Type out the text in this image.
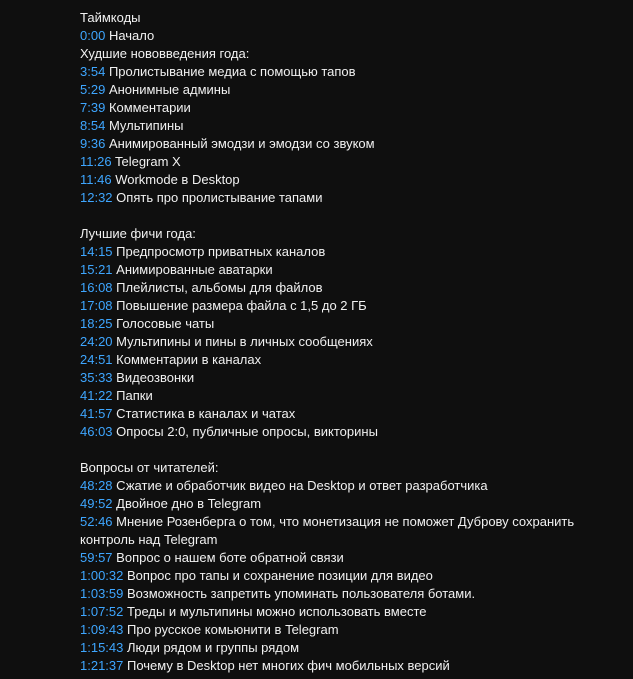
Таймкоды
0:00 Начало
Худшие нововведения года:
3:54 Пролистывание медиа с помощью тапов
5:29 Анонимные админы
7:39 Комментарии
8:54 Мультипины
9:36 Анимированный эмодзи и эмодзи со звуком
11:26 Telegram X
11:46 Workmode в Desktop
12:32 Опять про пролистывание тапами
Лучшие фичи года:
14:15 Предпросмотр приватных каналов
15:21 Анимированные аватарки
16:08 Плейлисты, альбомы для файлов
17:08 Повышение размера файла с 1,5 до 2 ГБ
18:25 Голосовые чаты
24:20 Мультипины и пины в личных сообщениях
24:51 Комментарии в каналах
35:33 Видеозвонки
41:22 Папки
41:57 Статистика в каналах и чатах
46:03 Опросы 2:0, публичные опросы, викторины
Вопросы от читателей:
48:28 Сжатие и обработчик видео на Desktop и ответ разработчика
49:52 Двойное дно в Telegram
52:46 Мнение Розенберга о том, что монетизация не поможет Дуброву сохранить контроль над Telegram
59:57 Вопрос о нашем боте обратной связи
1:00:32 Вопрос про тапы и сохранение позиции для видео
1:03:59 Возможность запретить упоминать пользователя ботами.
1:07:52 Треды и мультипины можно использовать вместе
1:09:43 Про русское комьюнити в Telegram
1:15:43 Люди рядом и группы рядом
1:21:37 Почему в Desktop нет многих фич мобильных версий
